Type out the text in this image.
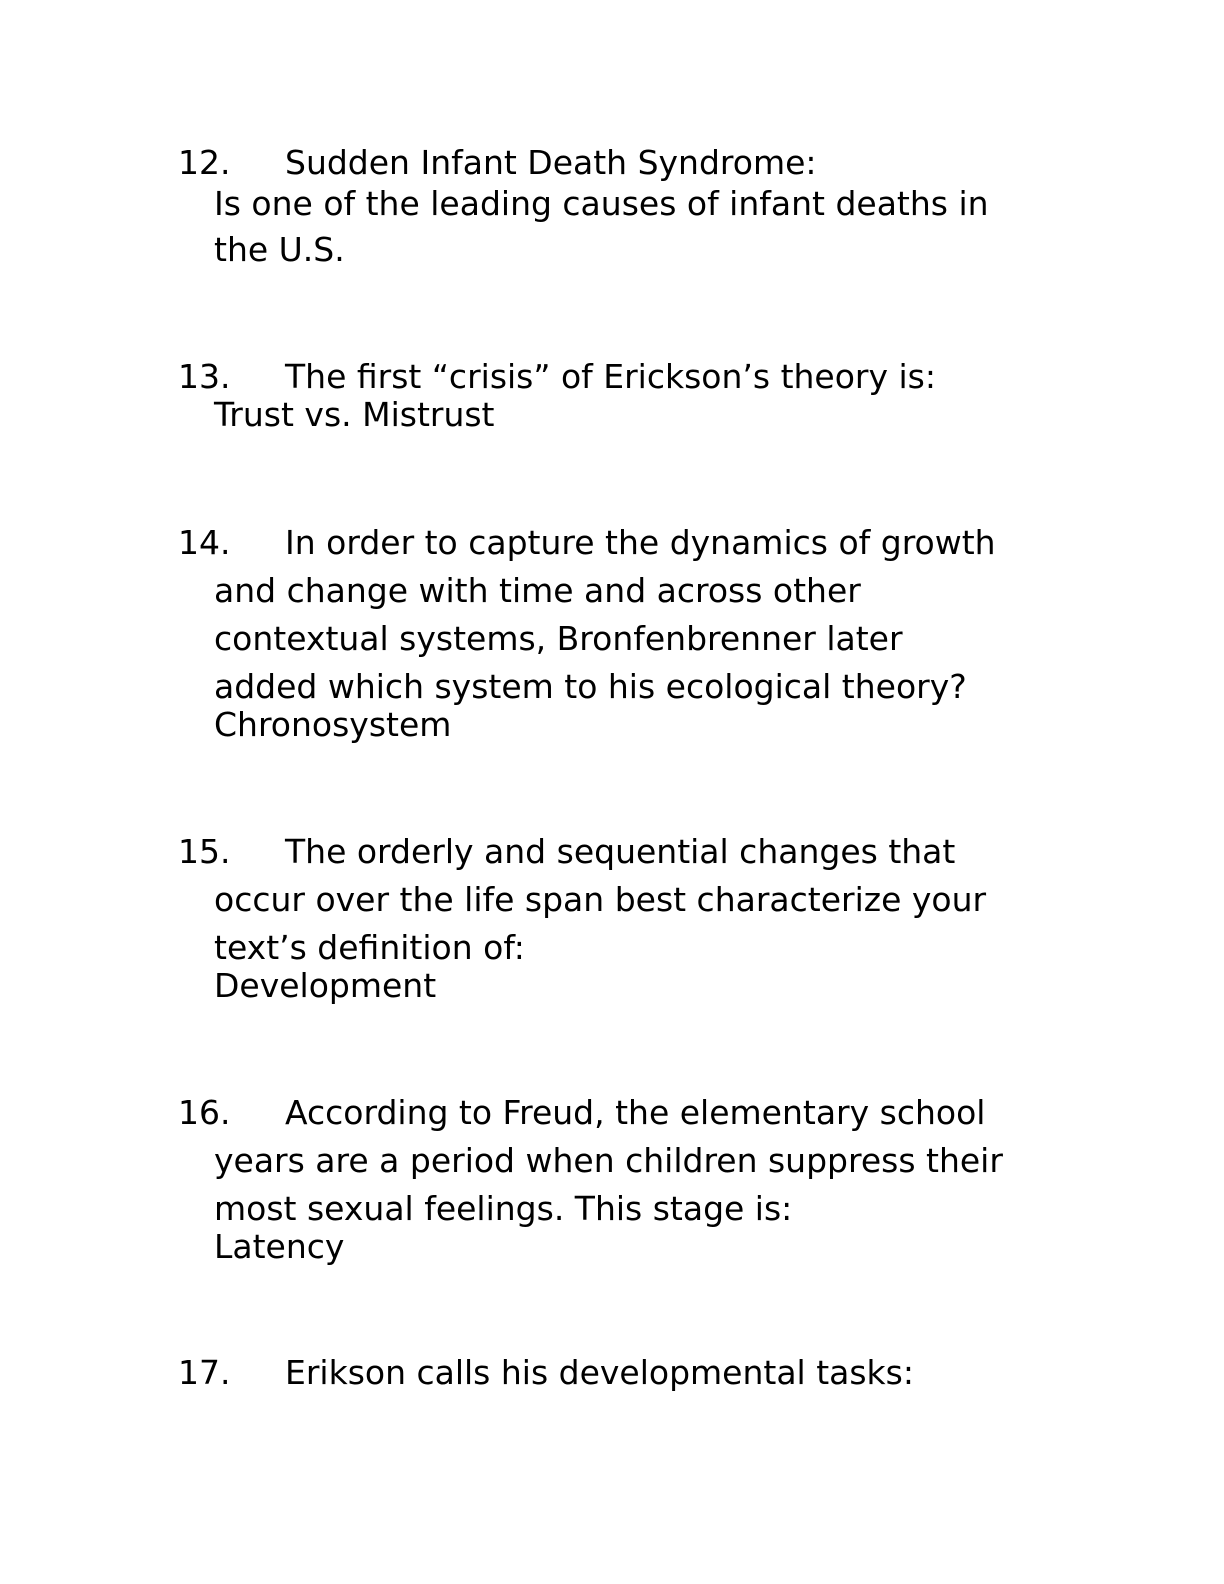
12.	Sudden Infant Death Syndrome:
Is one of the leading causes of infant deaths in
the U.S.
13.	The first “crisis” of Erickson’s theory is:
Trust vs. Mistrust
14.	In order to capture the dynamics of growth
and change with time and across other
contextual systems, Bronfenbrenner later
added which system to his ecological theory?
Chronosystem
15.	The orderly and sequential changes that
occur over the life span best characterize your
text’s definition of:
Development
16.	According to Freud, the elementary school
years are a period when children suppress their
most sexual feelings. This stage is:
Latency
17.	Erikson calls his developmental tasks:
